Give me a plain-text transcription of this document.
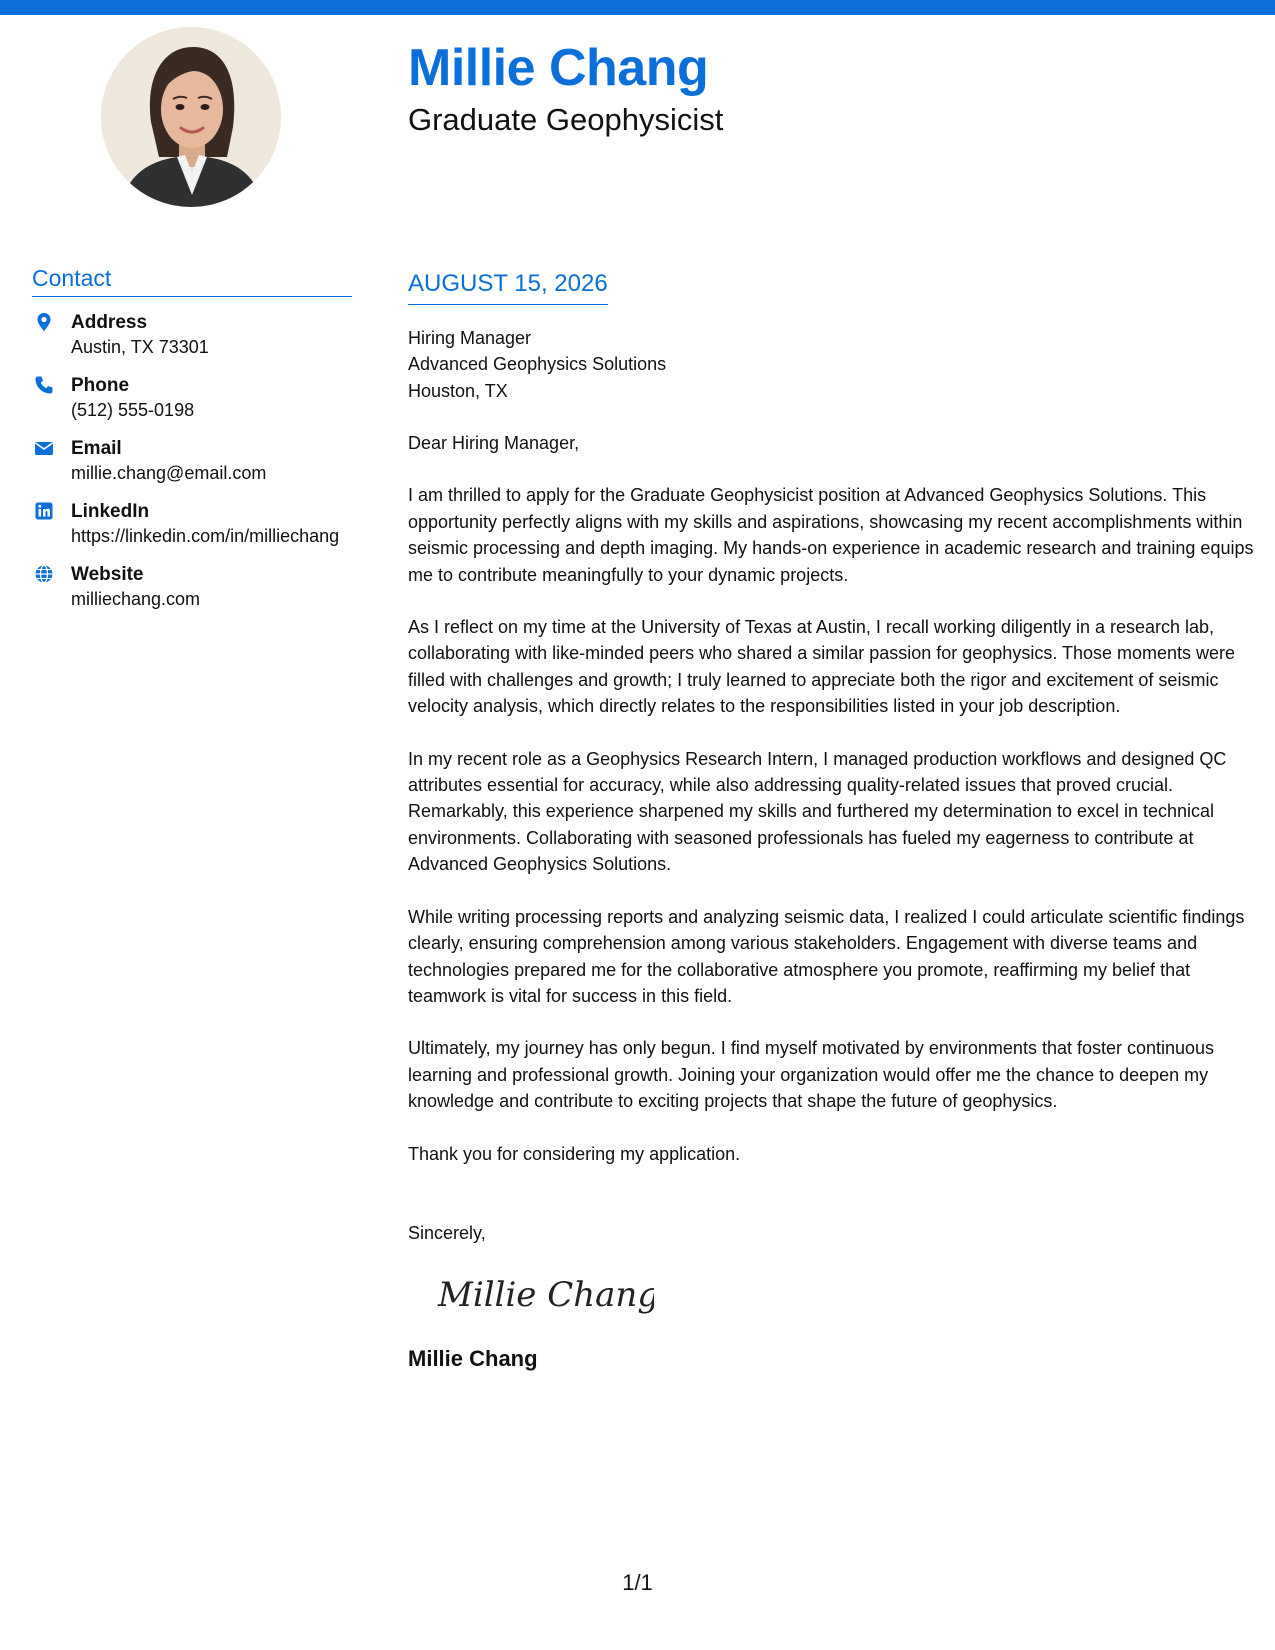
Millie Chang
Graduate Geophysicist
Contact
Address
Austin, TX 73301
Phone
(512) 555-0198
Email
millie.chang@email.com
LinkedIn
https://linkedin.com/in/milliechang
Website
milliechang.com
AUGUST 15, 2026
Hiring Manager
Advanced Geophysics Solutions
Houston, TX
Dear Hiring Manager,
I am thrilled to apply for the Graduate Geophysicist position at Advanced Geophysics Solutions. This opportunity perfectly aligns with my skills and aspirations, showcasing my recent accomplishments within seismic processing and depth imaging. My hands-on experience in academic research and training equips me to contribute meaningfully to your dynamic projects.
As I reflect on my time at the University of Texas at Austin, I recall working diligently in a research lab, collaborating with like-minded peers who shared a similar passion for geophysics. Those moments were filled with challenges and growth; I truly learned to appreciate both the rigor and excitement of seismic velocity analysis, which directly relates to the responsibilities listed in your job description.
In my recent role as a Geophysics Research Intern, I managed production workflows and designed QC attributes essential for accuracy, while also addressing quality-related issues that proved crucial. Remarkably, this experience sharpened my skills and furthered my determination to excel in technical environments. Collaborating with seasoned professionals has fueled my eagerness to contribute at Advanced Geophysics Solutions.
While writing processing reports and analyzing seismic data, I realized I could articulate scientific findings clearly, ensuring comprehension among various stakeholders. Engagement with diverse teams and technologies prepared me for the collaborative atmosphere you promote, reaffirming my belief that teamwork is vital for success in this field.
Ultimately, my journey has only begun. I find myself motivated by environments that foster continuous learning and professional growth. Joining your organization would offer me the chance to deepen my knowledge and contribute to exciting projects that shape the future of geophysics.
Thank you for considering my application.
Sincerely,
Millie Chang
Millie Chang
1/1
